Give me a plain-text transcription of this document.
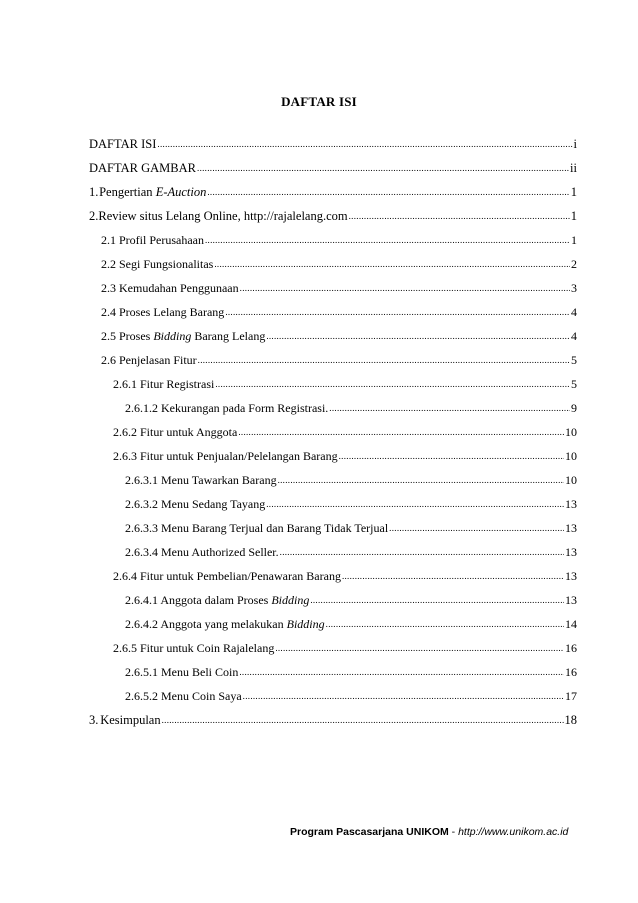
DAFTAR ISI
DAFTAR ISI .....	i
DAFTAR GAMBAR .....	ii
1. Pengertian E-Auction .....	1
2. Review situs Lelang Online, http://rajalelang.com .....	1
2.1 Profil Perusahaan .....	1
2.2 Segi Fungsionalitas .....	2
2.3 Kemudahan Penggunaan .....	3
2.4 Proses Lelang Barang .....	4
2.5 Proses Bidding Barang Lelang .....	4
2.6 Penjelasan Fitur .....	5
2.6.1 Fitur Registrasi .....	5
2.6.1.2 Kekurangan pada Form Registrasi. .....	9
2.6.2 Fitur untuk Anggota .....	10
2.6.3 Fitur untuk Penjualan/Pelelangan Barang .....	10
2.6.3.1 Menu Tawarkan Barang .....	10
2.6.3.2 Menu Sedang Tayang .....	13
2.6.3.3 Menu Barang Terjual dan Barang Tidak Terjual .....	13
2.6.3.4 Menu Authorized Seller. .....	13
2.6.4 Fitur untuk Pembelian/Penawaran Barang .....	13
2.6.4.1 Anggota dalam Proses Bidding .....	13
2.6.4.2 Anggota yang melakukan Bidding .....	14
2.6.5 Fitur untuk Coin Rajalelang .....	16
2.6.5.1 Menu Beli Coin .....	16
2.6.5.2 Menu Coin Saya .....	17
3. Kesimpulan .....	18
Program Pascasarjana UNIKOM - http://www.unikom.ac.id
